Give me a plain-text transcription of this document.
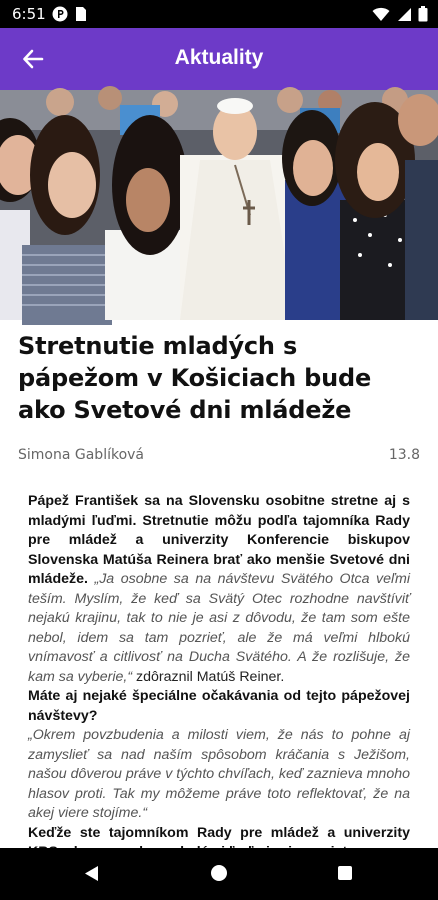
6:51
Aktuality
Stretnutie mladých s pápežom v Košiciach bude ako Svetové dni mládeže
Simona Gablíková	13.8

Pápež František sa na Slovensku osobitne stretne aj s mladými ľuďmi. Stretnutie môžu podľa tajomníka Rady pre mládež a univerzity Konferencie biskupov Slovenska Matúša Reinera brať ako menšie Svetové dni mládeže. „Ja osobne sa na návštevu Svätého Otca veľmi teším. Myslím, že keď sa Svätý Otec rozhodne navštíviť nejakú krajinu, tak to nie je asi z dôvodu, že tam som ešte nebol, idem sa tam pozrieť, ale že má veľmi hlbokú vnímavosť a citlivosť na Ducha Svätého. A že rozlišuje, že kam sa vyberie,“ zdôraznil Matúš Reiner.

Máte aj nejaké špeciálne očakávania od tejto pápežovej návštevy?

„Okrem povzbudenia a milosti viem, že nás to pohne aj zamyslieť sa nad naším spôsobom kráčania s Ježišom, našou dôverou práve v týchto chvíľach, keď zaznieva mnoho hlasov proti. Tak my môžeme práve toto reflektovať, že na akej viere stojíme.“

Keďže ste tajomníkom Rady pre mládež a univerzity
